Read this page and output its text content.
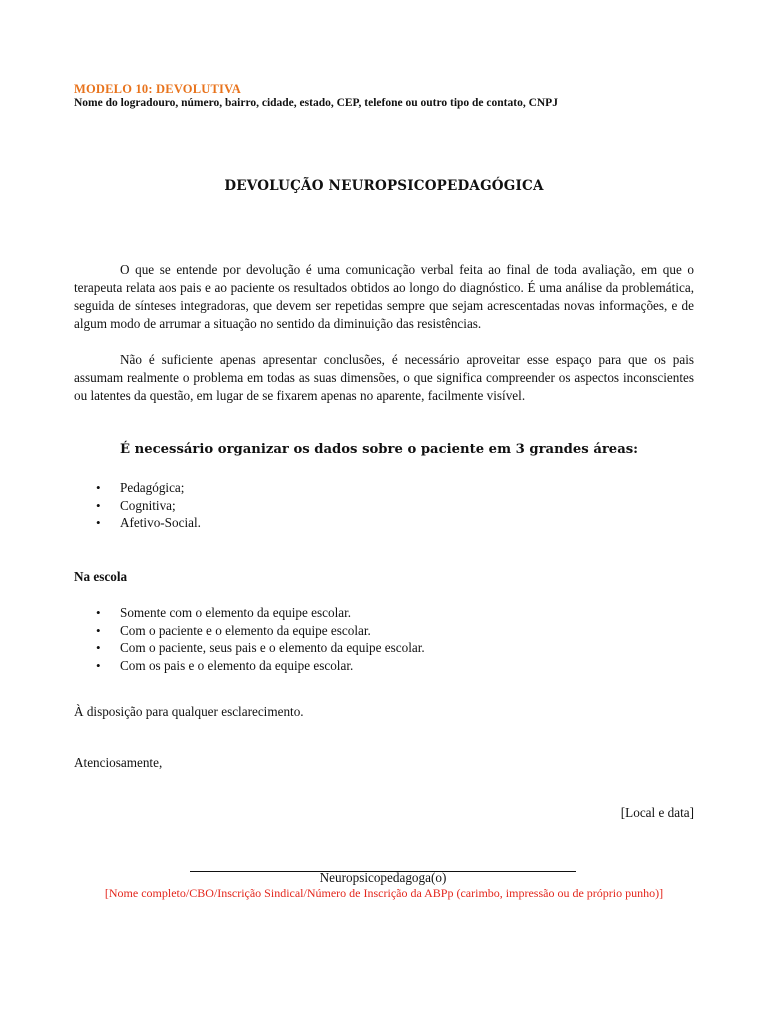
MODELO 10: DEVOLUTIVA
Nome do logradouro, número, bairro, cidade, estado, CEP, telefone ou outro tipo de contato, CNPJ
DEVOLUÇÃO NEUROPSICOPEDAGÓGICA

O que se entende por devolução é uma comunicação verbal feita ao final de toda avaliação, em que o terapeuta relata aos pais e ao paciente os resultados obtidos ao longo do diagnóstico. É uma análise da problemática, seguida de sínteses integradoras, que devem ser repetidas sempre que sejam acrescentadas novas informações, e de algum modo de arrumar a situação no sentido da diminuição das resistências.

Não é suficiente apenas apresentar conclusões, é necessário aproveitar esse espaço para que os pais assumam realmente o problema em todas as suas dimensões, o que significa compreender os aspectos inconscientes ou latentes da questão, em lugar de se fixarem apenas no aparente, facilmente visível.

É necessário organizar os dados sobre o paciente em 3 grandes áreas:
• Pedagógica;
• Cognitiva;
• Afetivo-Social.
Na escola
• Somente com o elemento da equipe escolar.
• Com o paciente e o elemento da equipe escolar.
• Com o paciente, seus pais e o elemento da equipe escolar.
• Com os pais e o elemento da equipe escolar.
À disposição para qualquer esclarecimento.
Atenciosamente,
[Local e data]
Neuropsicopedagoga(o)
[Nome completo/CBO/Inscrição Sindical/Número de Inscrição da ABPp (carimbo, impressão ou de próprio punho)]
